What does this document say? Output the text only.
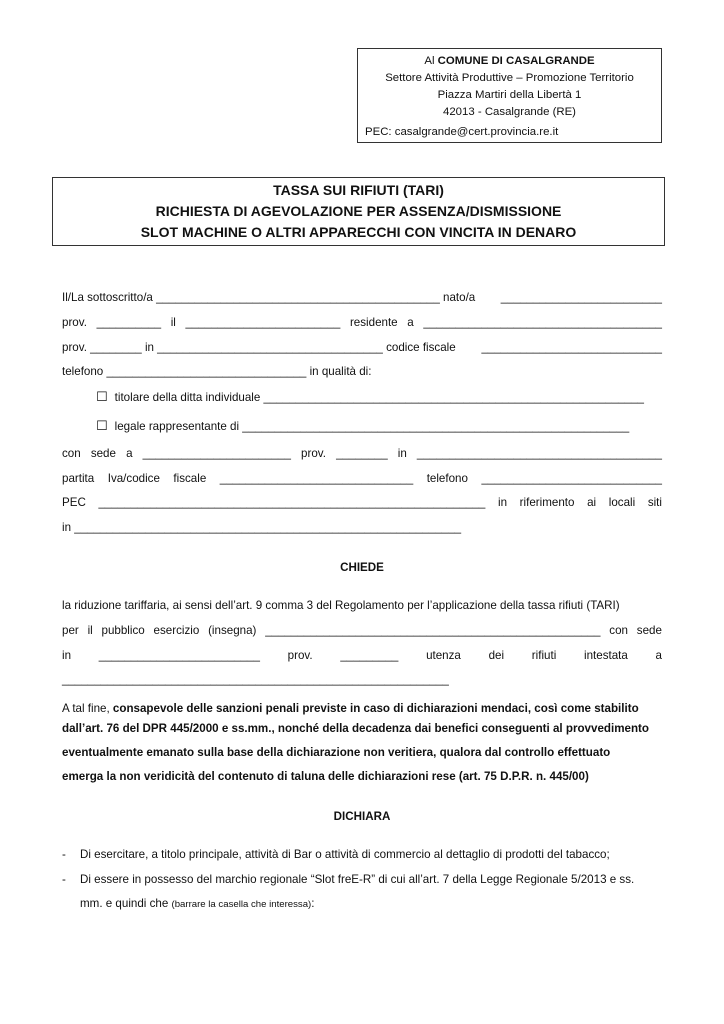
Al COMUNE DI CASALGRANDE
Settore Attività Produttive – Promozione Territorio
Piazza Martiri della Libertà 1
42013 - Casalgrande (RE)
PEC: casalgrande@cert.provincia.re.it
TASSA SUI RIFIUTI (TARI)
RICHIESTA DI AGEVOLAZIONE PER ASSENZA/DISMISSIONE
SLOT MACHINE O ALTRI APPARECCHI CON VINCITA IN DENARO
Il/La sottoscritto/a ____________________________________________ nato/a _________________________
prov. __________ il ________________________ residente a _____________________________________
prov. ________ in ___________________________________ codice fiscale ____________________________
telefono _______________________________ in qualità di:
☐ titolare della ditta individuale ___________________________________________________________
☐ legale rappresentante di ____________________________________________________________
con sede a _______________________ prov. ________ in ______________________________________
partita Iva/codice fiscale ______________________________ telefono ____________________________
PEC ____________________________________________________________ in riferimento ai locali siti
in ____________________________________________________________
CHIEDE
la riduzione tariffaria, ai sensi dell’art. 9 comma 3 del Regolamento per l’applicazione della tassa rifiuti (TARI)
per il pubblico esercizio (insegna) ____________________________________________________ con sede
in _________________________ prov. _________ utenza dei rifiuti intestata a
____________________________________________________________
A tal fine, consapevole delle sanzioni penali previste in caso di dichiarazioni mendaci, così come stabilito
dall’art. 76 del DPR 445/2000 e ss.mm., nonché della decadenza dai benefici conseguenti al provvedimento
eventualmente emanato sulla base della dichiarazione non veritiera, qualora dal controllo effettuato
emerga la non veridicità del contenuto di taluna delle dichiarazioni rese (art. 75 D.P.R. n. 445/00)
DICHIARA
- Di esercitare, a titolo principale, attività di Bar o attività di commercio al dettaglio di prodotti del tabacco;
- Di essere in possesso del marchio regionale “Slot freE-R” di cui all’art. 7 della Legge Regionale 5/2013 e ss.
mm. e quindi che (barrare la casella che interessa):
